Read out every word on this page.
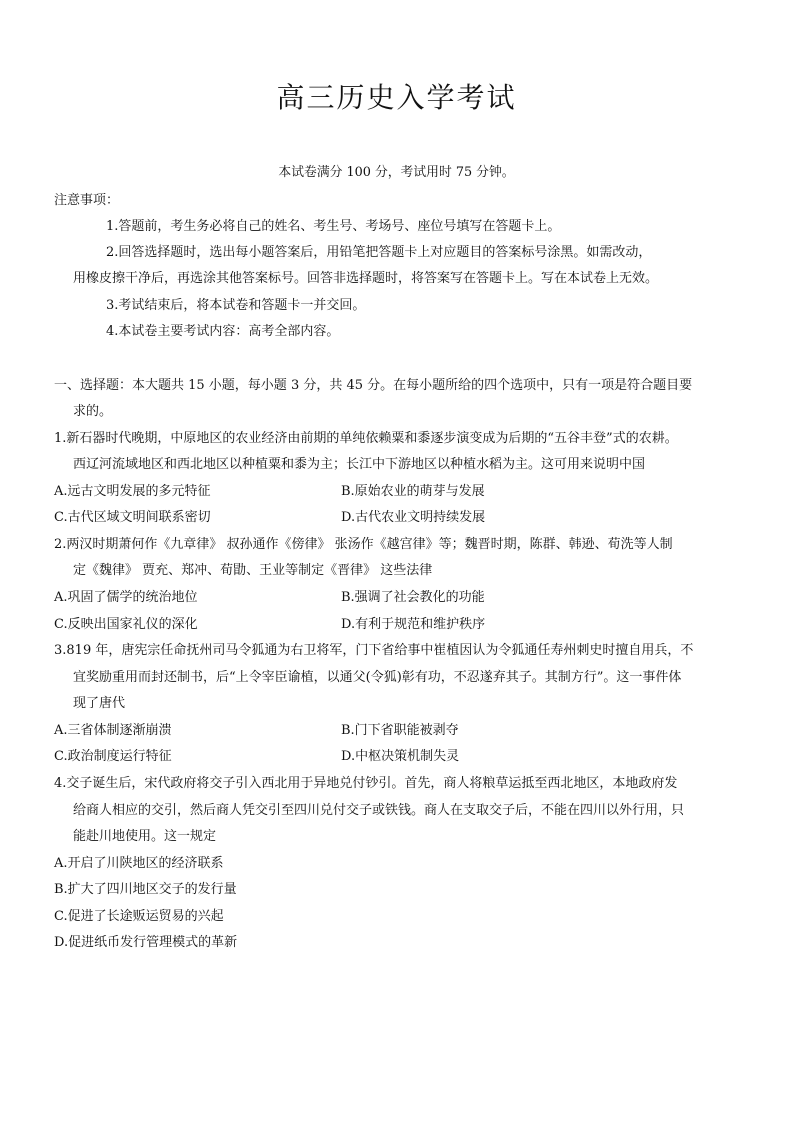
高三历史入学考试
本试卷满分 100 分，考试用时 75 分钟。
注意事项：
1.答题前，考生务必将自己的姓名、考生号、考场号、座位号填写在答题卡上。
2.回答选择题时，选出每小题答案后，用铅笔把答题卡上对应题目的答案标号涂黑。如需改动，
用橡皮擦干净后，再选涂其他答案标号。回答非选择题时，将答案写在答题卡上。写在本试卷上无效。
3.考试结束后，将本试卷和答题卡一并交回。
4.本试卷主要考试内容：高考全部内容。
一、选择题：本大题共 15 小题，每小题 3 分，共 45 分。在每小题所给的四个选项中，只有一项是符合题目要
求的。
1.新石器时代晚期，中原地区的农业经济由前期的单纯依赖粟和黍逐步演变成为后期的“五谷丰登”式的农耕。
西辽河流域地区和西北地区以种植粟和黍为主；长江中下游地区以种植水稻为主。这可用来说明中国
A.远古文明发展的多元特征	B.原始农业的萌芽与发展
C.古代区域文明间联系密切	D.古代农业文明持续发展
2.两汉时期萧何作《九章律》 叔孙通作《傍律》 张汤作《越宫律》等；魏晋时期，陈群、韩逊、荀洗等人制
定《魏律》 贾充、郑冲、荀勖、王业等制定《晋律》 这些法律
A.巩固了儒学的统治地位	B.强调了社会教化的功能
C.反映出国家礼仪的深化	D.有利于规范和维护秩序
3.819 年，唐宪宗任命抚州司马令狐通为右卫将军，门下省给事中崔植因认为令狐通任寿州刺史时擅自用兵，不
宜奖励重用而封还制书，后“上令宰臣谕植，以通父(令狐)彰有功，不忍遂弃其子。其制方行”。这一事件体
现了唐代
A.三省体制逐渐崩溃	B.门下省职能被剥夺
C.政治制度运行特征	D.中枢决策机制失灵
4.交子诞生后，宋代政府将交子引入西北用于异地兑付钞引。首先，商人将粮草运抵至西北地区，本地政府发
给商人相应的交引，然后商人凭交引至四川兑付交子或铁钱。商人在支取交子后，不能在四川以外行用，只
能赴川地使用。这一规定
A.开启了川陕地区的经济联系
B.扩大了四川地区交子的发行量
C.促进了长途贩运贸易的兴起
D.促进纸币发行管理模式的革新
